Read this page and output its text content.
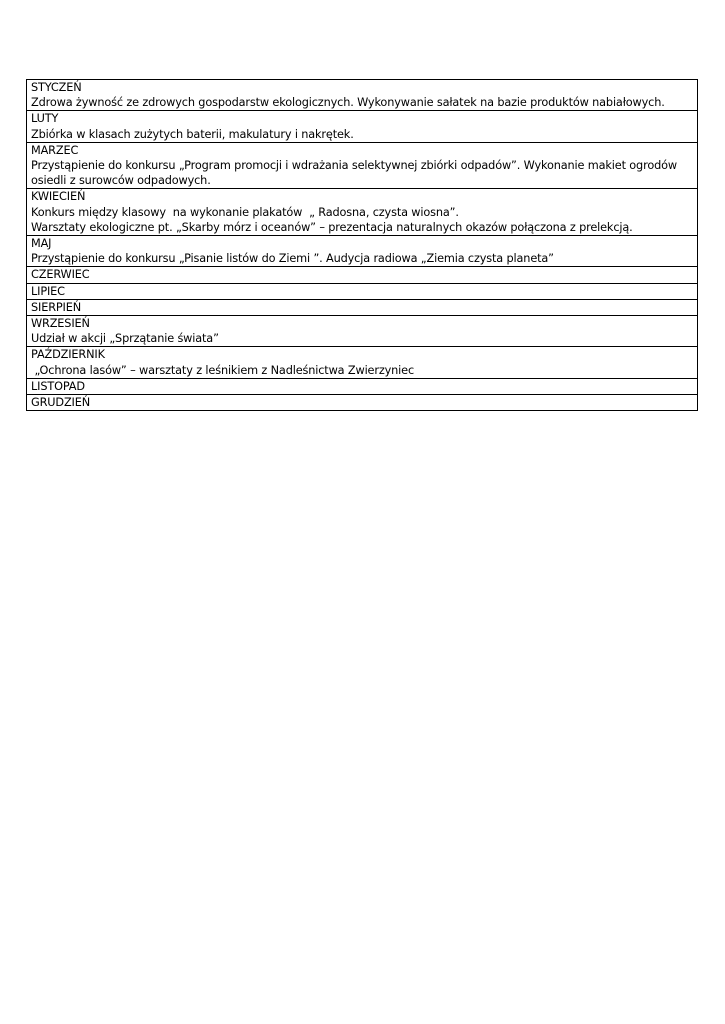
STYCZEŃ
Zdrowa żywność ze zdrowych gospodarstw ekologicznych. Wykonywanie sałatek na bazie produktów nabiałowych.

LUTY
Zbiórka w klasach zużytych baterii, makulatury i nakrętek.

MARZEC
Przystąpienie do konkursu „Program promocji i wdrażania selektywnej zbiórki odpadów”. Wykonanie makiet ogrodów osiedli z surowców odpadowych.

KWIECIEŃ
Konkurs między klasowy  na wykonanie plakatów  „ Radosna, czysta wiosna”.
Warsztaty ekologiczne pt. „Skarby mórz i oceanów” – prezentacja naturalnych okazów połączona z prelekcją.

MAJ
Przystąpienie do konkursu „Pisanie listów do Ziemi ”. Audycja radiowa „Ziemia czysta planeta”

CZERWIEC

LIPIEC

SIERPIEŃ

WRZESIEŃ
Udział w akcji „Sprzątanie świata”

PAŹDZIERNIK
„Ochrona lasów” – warsztaty z leśnikiem z Nadleśnictwa Zwierzyniec

LISTOPAD

GRUDZIEŃ
